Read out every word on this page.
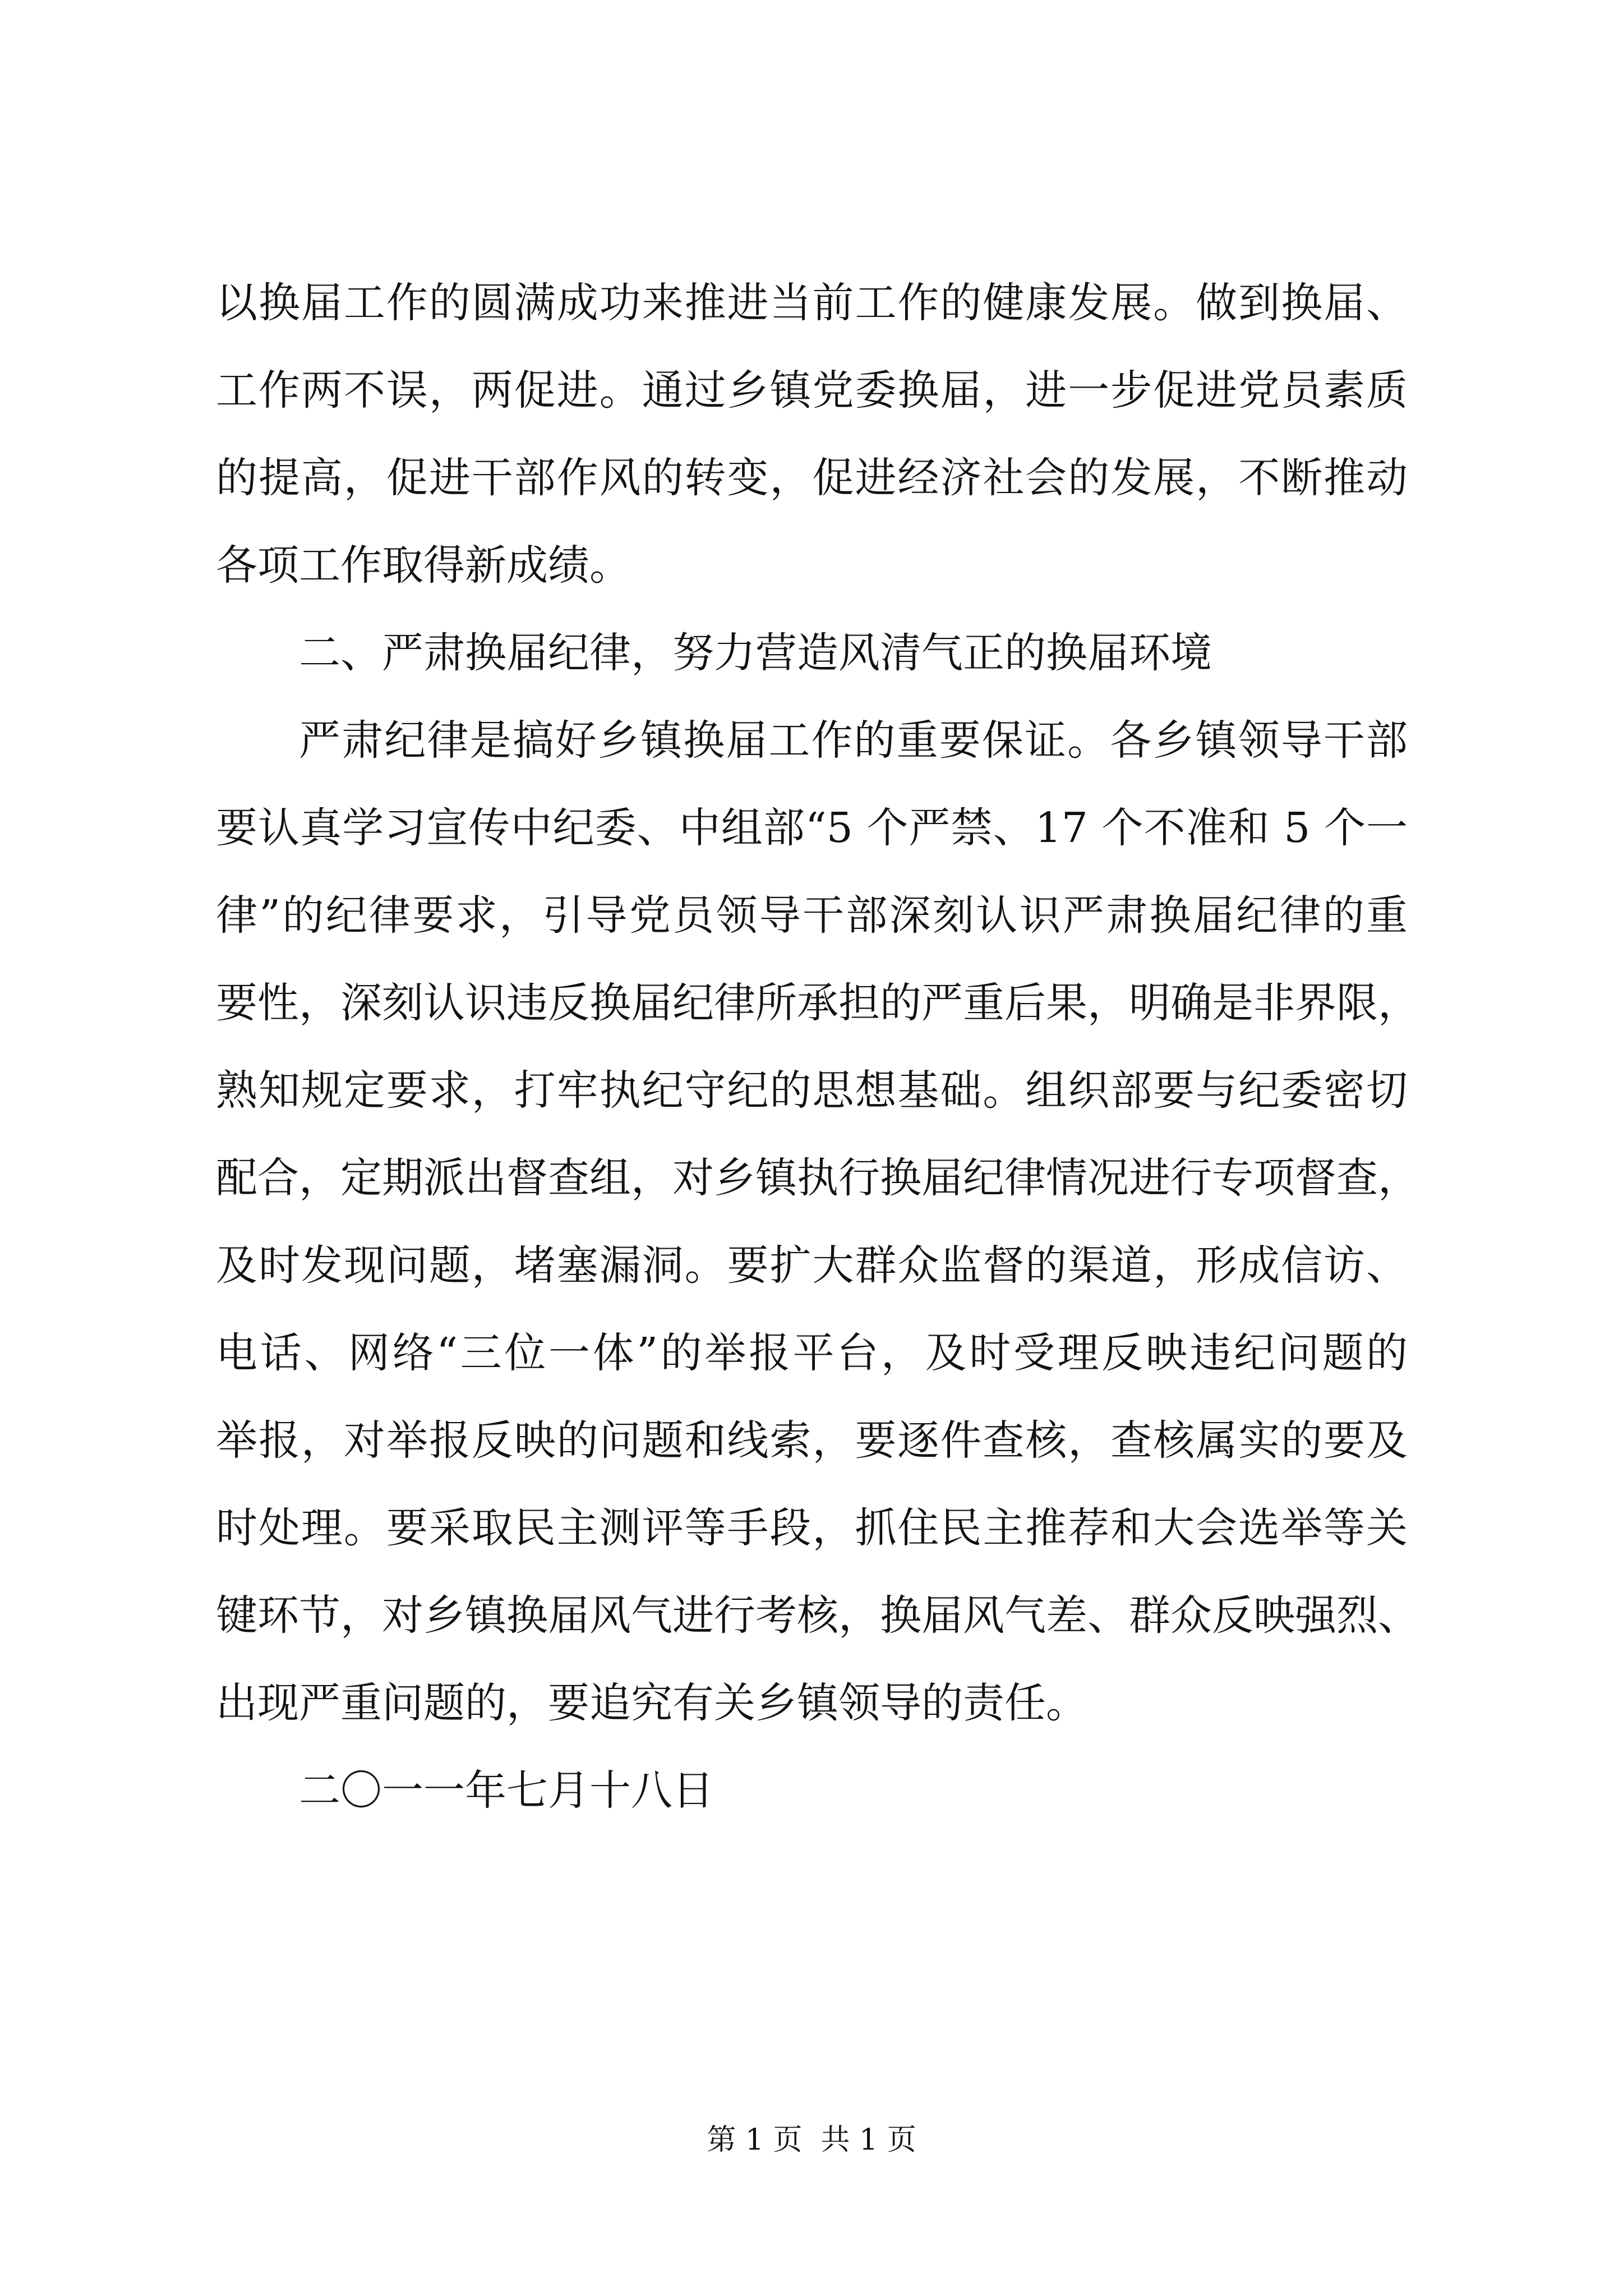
以换届工作的圆满成功来推进当前工作的健康发展。做到换届、
工作两不误，两促进。通过乡镇党委换届，进一步促进党员素质
的提高，促进干部作风的转变，促进经济社会的发展，不断推动
各项工作取得新成绩。
二、严肃换届纪律，努力营造风清气正的换届环境
严肃纪律是搞好乡镇换届工作的重要保证。各乡镇领导干部
要认真学习宣传中纪委、中组部“5 个严禁、17 个不准和 5 个一
律”的纪律要求，引导党员领导干部深刻认识严肃换届纪律的重
要性，深刻认识违反换届纪律所承担的严重后果，明确是非界限，
熟知规定要求，打牢执纪守纪的思想基础。组织部要与纪委密切
配合，定期派出督查组，对乡镇执行换届纪律情况进行专项督查，
及时发现问题，堵塞漏洞。要扩大群众监督的渠道，形成信访、
电话、网络“三位一体”的举报平台，及时受理反映违纪问题的
举报，对举报反映的问题和线索，要逐件查核，查核属实的要及
时处理。要采取民主测评等手段，抓住民主推荐和大会选举等关
键环节，对乡镇换届风气进行考核，换届风气差、群众反映强烈、
出现严重问题的，要追究有关乡镇领导的责任。
二〇一一年七月十八日
第 1 页  共 1 页
